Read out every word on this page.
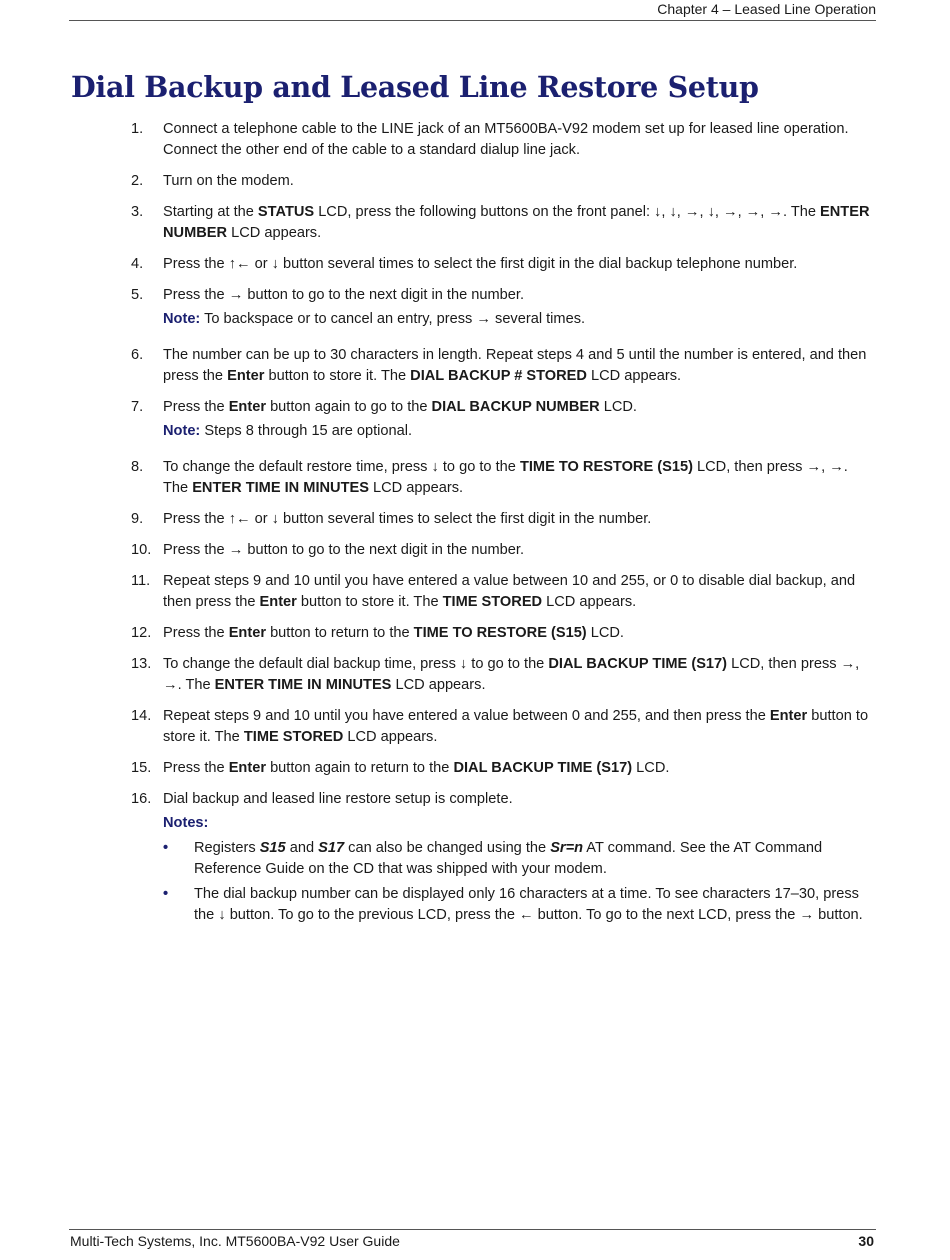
Chapter 4 – Leased Line Operation
Dial Backup and Leased Line Restore Setup
1.	Connect a telephone cable to the LINE jack of an MT5600BA-V92 modem set up for leased line operation. Connect the other end of the cable to a standard dialup line jack.
2.	Turn on the modem.
3.	Starting at the STATUS LCD, press the following buttons on the front panel: ↓, ↓, →, ↓, →, →, →. The ENTER NUMBER LCD appears.
4.	Press the ↑← or ↓ button several times to select the first digit in the dial backup telephone number.
5.	Press the → button to go to the next digit in the number.
Note: To backspace or to cancel an entry, press → several times.
6.	The number can be up to 30 characters in length. Repeat steps 4 and 5 until the number is entered, and then press the Enter button to store it. The DIAL BACKUP # STORED LCD appears.
7.	Press the Enter button again to go to the DIAL BACKUP NUMBER LCD.
Note: Steps 8 through 15 are optional.
8.	To change the default restore time, press ↓ to go to the TIME TO RESTORE (S15) LCD, then press →, →. The ENTER TIME IN MINUTES LCD appears.
9.	Press the ↑← or ↓ button several times to select the first digit in the number.
10. Press the → button to go to the next digit in the number.
11. Repeat steps 9 and 10 until you have entered a value between 10 and 255, or 0 to disable dial backup, and then press the Enter button to store it. The TIME STORED LCD appears.
12. Press the Enter button to return to the TIME TO RESTORE (S15) LCD.
13. To change the default dial backup time, press ↓ to go to the DIAL BACKUP TIME (S17) LCD, then press →, →. The ENTER TIME IN MINUTES LCD appears.
14. Repeat steps 9 and 10 until you have entered a value between 0 and 255, and then press the Enter button to store it. The TIME STORED LCD appears.
15. Press the Enter button again to return to the DIAL BACKUP TIME (S17) LCD.
16. Dial backup and leased line restore setup is complete.
Notes:
• Registers S15 and S17 can also be changed using the Sr=n AT command. See the AT Command Reference Guide on the CD that was shipped with your modem.
• The dial backup number can be displayed only 16 characters at a time. To see characters 17–30, press the ↓ button. To go to the previous LCD, press the ← button. To go to the next LCD, press the → button.
Multi-Tech Systems, Inc. MT5600BA-V92 User Guide	30
